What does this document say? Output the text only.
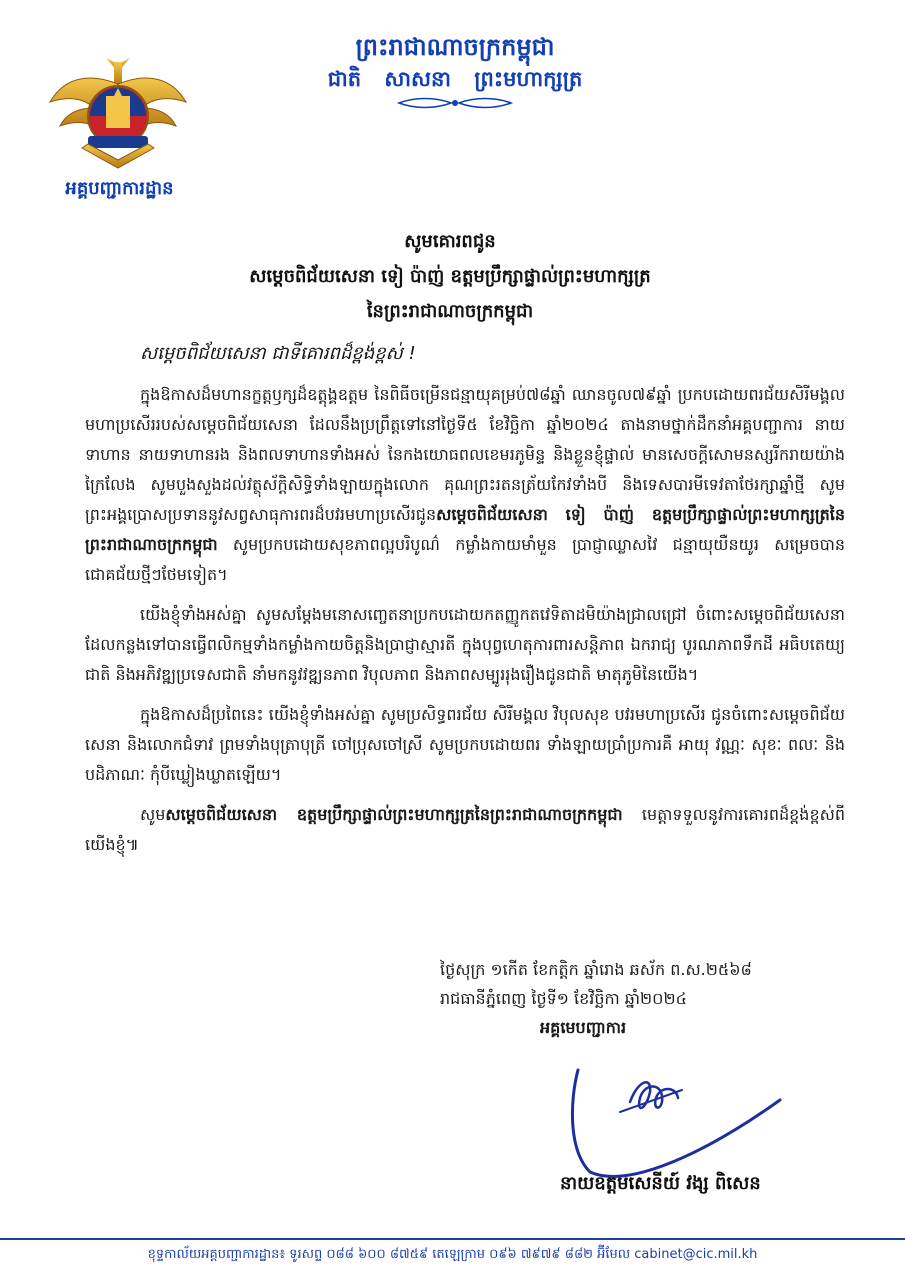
អគ្គបញ្ជាការដ្ឋាន
ព្រះរាជាណាចក្រកម្ពុជា
ជាតិ សាសនា ព្រះមហាក្សត្រ
សូមគោរពជូន
សម្តេចពិជ័យសេនា ទៀ ប៉ាញ់ ឧត្តមប្រឹក្សាផ្ទាល់ព្រះមហាក្សត្រ
នៃព្រះរាជាណាចក្រកម្ពុជា
សម្តេចពិជ័យសេនា ជាទីគោរពដ៏ខ្ពង់ខ្ពស់ !

ក្នុងឱកាសដ៏មហានក្ខត្តឫក្សដ៏ឧត្តុង្គឧត្តម នៃពិធីចម្រើនជន្មាយុគម្រប់៧៨ឆ្នាំ ឈានចូល៧៩ឆ្នាំ ប្រកបដោយពរជ័យសិរីមង្គលមហាប្រសើររបស់សម្តេចពិជ័យសេនា ដែលនឹងប្រព្រឹត្តទៅនៅថ្ងៃទី៥ ខែវិច្ឆិកា ឆ្នាំ២០២៤ តាងនាមថ្នាក់ដឹកនាំអគ្គបញ្ជាការ នាយទាហាន នាយទាហានរង និងពលទាហានទាំងអស់ នៃកងយោធពលខេមរភូមិន្ទ និងខ្លួនខ្ញុំផ្ទាល់ មានសេចក្តីសោមនស្សរីករាយយ៉ាងក្រៃលែង សូមបួងសួងដល់វត្ថុស័ក្តិសិទ្ធិទាំងឡាយក្នុងលោក គុណព្រះរតនត្រ័យកែវទាំងបី និងទេសបារមីទេវតាថែរក្សាឆ្នាំថ្មី សូមព្រះអង្គប្រោសប្រទាននូវសព្វសាធុការពរដ៏បវរមហាប្រសើរជូនសម្តេចពិជ័យសេនា ទៀ ប៉ាញ់ ឧត្តមប្រឹក្សាផ្ទាល់ព្រះមហាក្សត្រនៃព្រះរាជាណាចក្រកម្ពុជា សូមប្រកបដោយសុខភាពល្អបរិបូណ៌ កម្លាំងកាយមាំមួន ប្រាជ្ញាឈ្លាសវៃ ជន្មាយុយឺនយូរ សម្រេចបានជោគជ័យថ្មីៗថែមទៀត។

យើងខ្ញុំទាំងអស់គ្នា សូមសម្តែងមនោសញ្ចេតនាប្រកបដោយកតញ្ញូកតវេទិតាដមិយ៉ាងជ្រាលជ្រៅ ចំពោះសម្តេចពិជ័យសេនា ដែលកន្លងទៅបានធ្វើពលិកម្មទាំងកម្លាំងកាយចិត្តនិងប្រាជ្ញាស្មារតី ក្នុងបុព្វហេតុការពារសន្តិភាព ឯករាជ្យ បូរណភាពទឹកដី អធិបតេយ្យជាតិ និងអភិវឌ្ឍប្រទេសជាតិ នាំមកនូវវឌ្ឍនភាព វិបុលភាព និងភាពសម្បូររុងរឿងជូនជាតិ មាតុភូមិនៃយើង។

ក្នុងឱកាសដ៏ប្រពៃនេះ យើងខ្ញុំទាំងអស់គ្នា សូមប្រសិទ្ធពរជ័យ សិរីមង្គល វិបុលសុខ បវរមហាប្រសើរ ជូនចំពោះសម្តេចពិជ័យសេនា និងលោកជំទាវ ព្រមទាំងបុត្រាបុត្រី ចៅប្រុសចៅស្រី សូមប្រកបដោយពរ ទាំងឡាយប្រាំប្រការគឺ អាយុ វណ្ណៈ សុខៈ ពលៈ និងបដិភាណៈ កុំបីឃ្លៀងឃ្លាតឡើយ។

សូមសម្តេចពិជ័យសេនា ឧត្តមប្រឹក្សាផ្ទាល់ព្រះមហាក្សត្រនៃព្រះរាជាណាចក្រកម្ពុជា មេត្តាទទួលនូវការគោរពដ៏ខ្ពង់ខ្ពស់ពីយើងខ្ញុំ៕

ថ្ងៃសុក្រ ១កើត ខែកត្តិក ឆ្នាំរោង ឆស័ក ព.ស.២៥៦៨
រាជធានីភ្នំពេញ ថ្ងៃទី១ ខែវិច្ឆិកា ឆ្នាំ២០២៤
អគ្គមេបញ្ជាការ
នាយឧត្តមសេនីយ៍ វង្ស ពិសេន
ខុទ្ទកាល័យអគ្គបញ្ជាការដ្ឋាន៖ ទូរសព្ទ ០៨៨ ៦០០ ៨៧៥៩ តេឡេក្រាម ០៩៦ ៧៩៧៩ ៨៨២ អ៊ីមែល cabinet@cic.mil.kh
